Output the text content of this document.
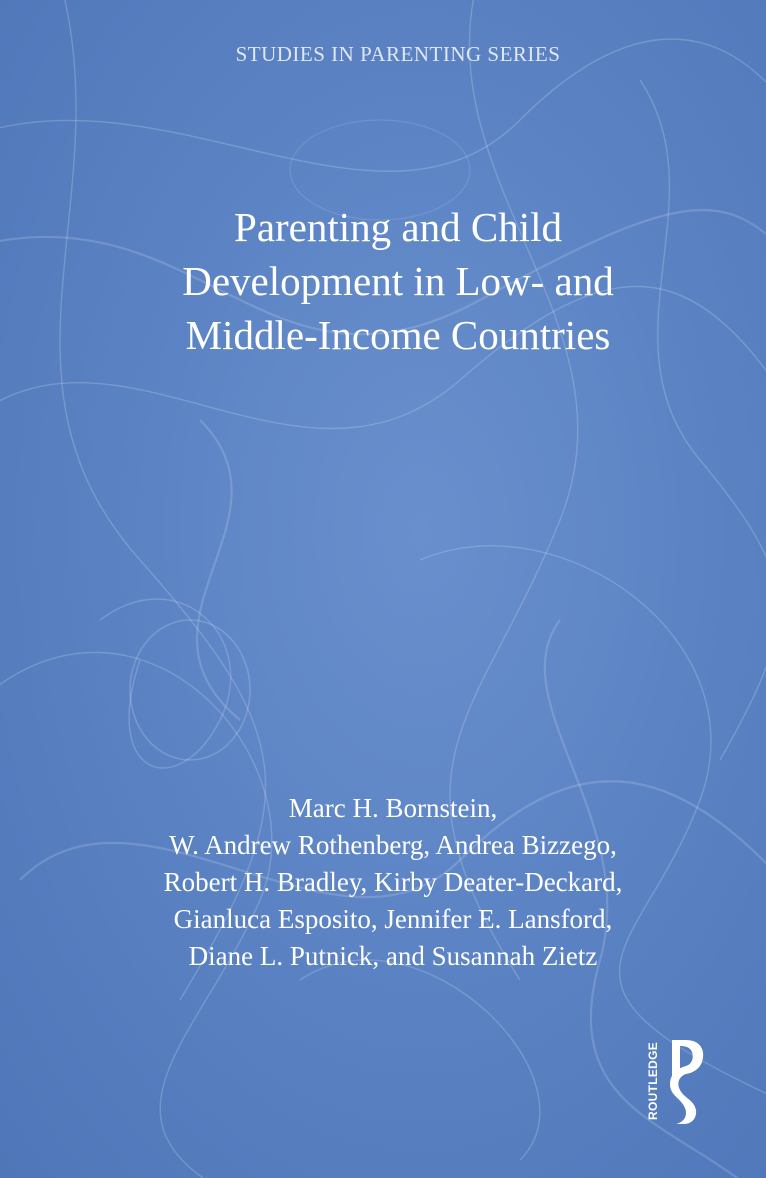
STUDIES IN PARENTING SERIES
Parenting and Child
Development in Low- and
Middle-Income Countries
Marc H. Bornstein,
W. Andrew Rothenberg, Andrea Bizzego,
Robert H. Bradley, Kirby Deater-Deckard,
Gianluca Esposito, Jennifer E. Lansford,
Diane L. Putnick, and Susannah Zietz
ROUTLEDGE
